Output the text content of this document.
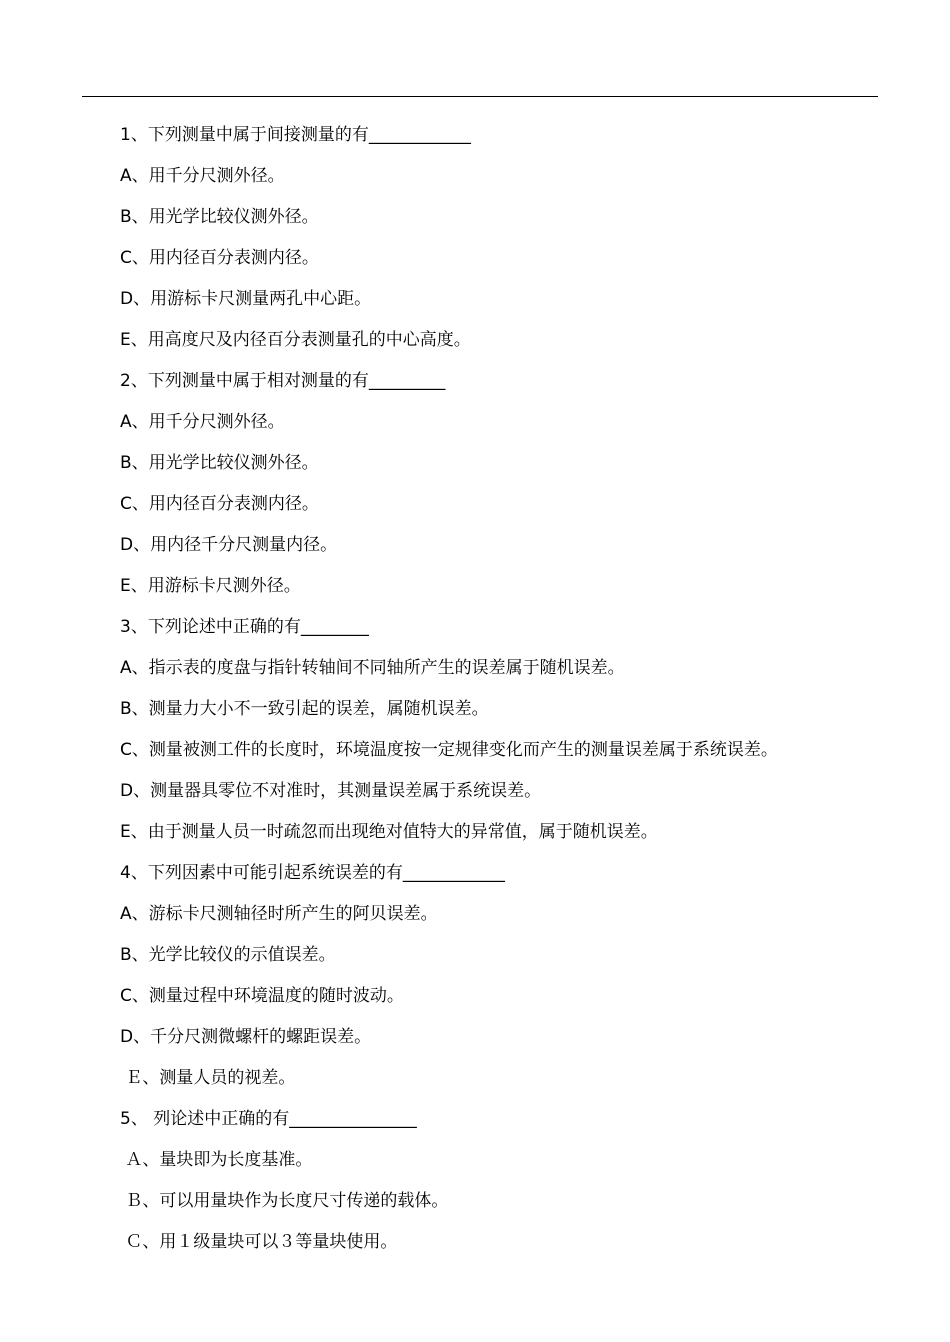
1、下列测量中属于间接测量的有____________
A、用千分尺测外径。
B、用光学比较仪测外径。
C、用内径百分表测内径。
D、用游标卡尺测量两孔中心距。
E、用高度尺及内径百分表测量孔的中心高度。
2、下列测量中属于相对测量的有_________
A、用千分尺测外径。
B、用光学比较仪测外径。
C、用内径百分表测内径。
D、用内径千分尺测量内径。
E、用游标卡尺测外径。
3、下列论述中正确的有________
A、指示表的度盘与指针转轴间不同轴所产生的误差属于随机误差。
B、测量力大小不一致引起的误差，属随机误差。
C、测量被测工件的长度时，环境温度按一定规律变化而产生的测量误差属于系统误差。
D、测量器具零位不对准时，其测量误差属于系统误差。
E、由于测量人员一时疏忽而出现绝对值特大的异常值，属于随机误差。
4、下列因素中可能引起系统误差的有____________
A、游标卡尺测轴径时所产生的阿贝误差。
B、光学比较仪的示值误差。
C、测量过程中环境温度的随时波动。
D、千分尺测微螺杆的螺距误差。
Ｅ、测量人员的视差。
5、 列论述中正确的有_______________
Ａ、量块即为长度基准。
Ｂ、可以用量块作为长度尺寸传递的载体。
Ｃ、用１级量块可以３等量块使用。
